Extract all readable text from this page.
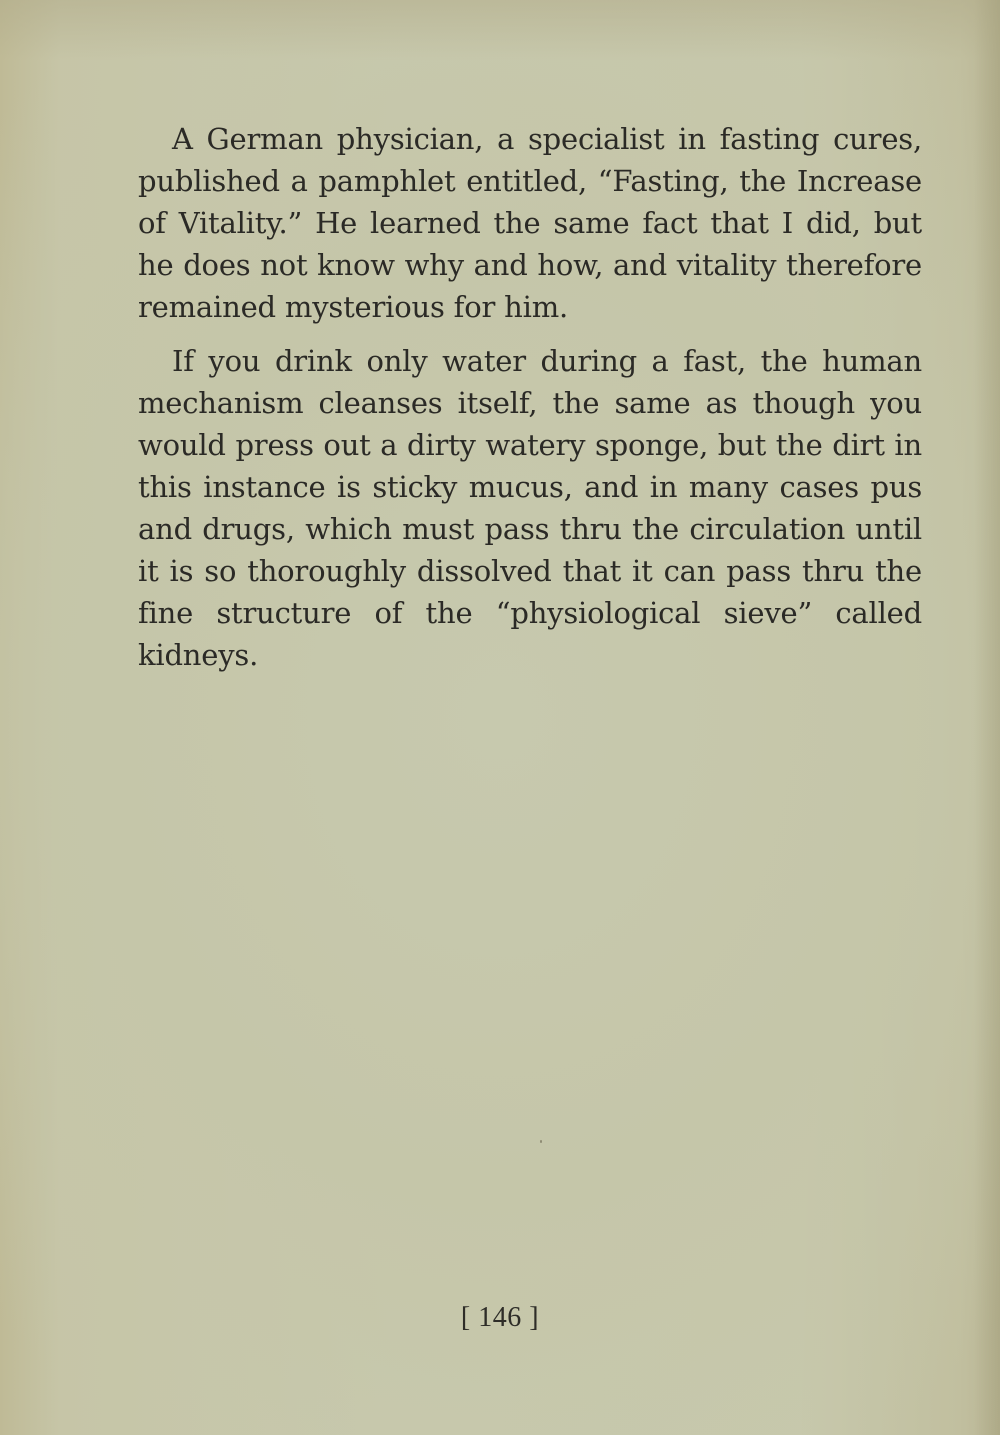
A German physician, a specialist in fasting cures, published a pamphlet entitled, “Fasting, the Increase of Vitality.” He learned the same fact that I did, but he does not know why and how, and vitality therefore remained mysterious for him.

If you drink only water during a fast, the human mechanism cleanses itself, the same as though you would press out a dirty watery sponge, but the dirt in this instance is sticky mucus, and in many cases pus and drugs, which must pass thru the circulation until it is so thoroughly dissolved that it can pass thru the fine structure of the “physiological sieve” called kidneys.

[ 146 ]
